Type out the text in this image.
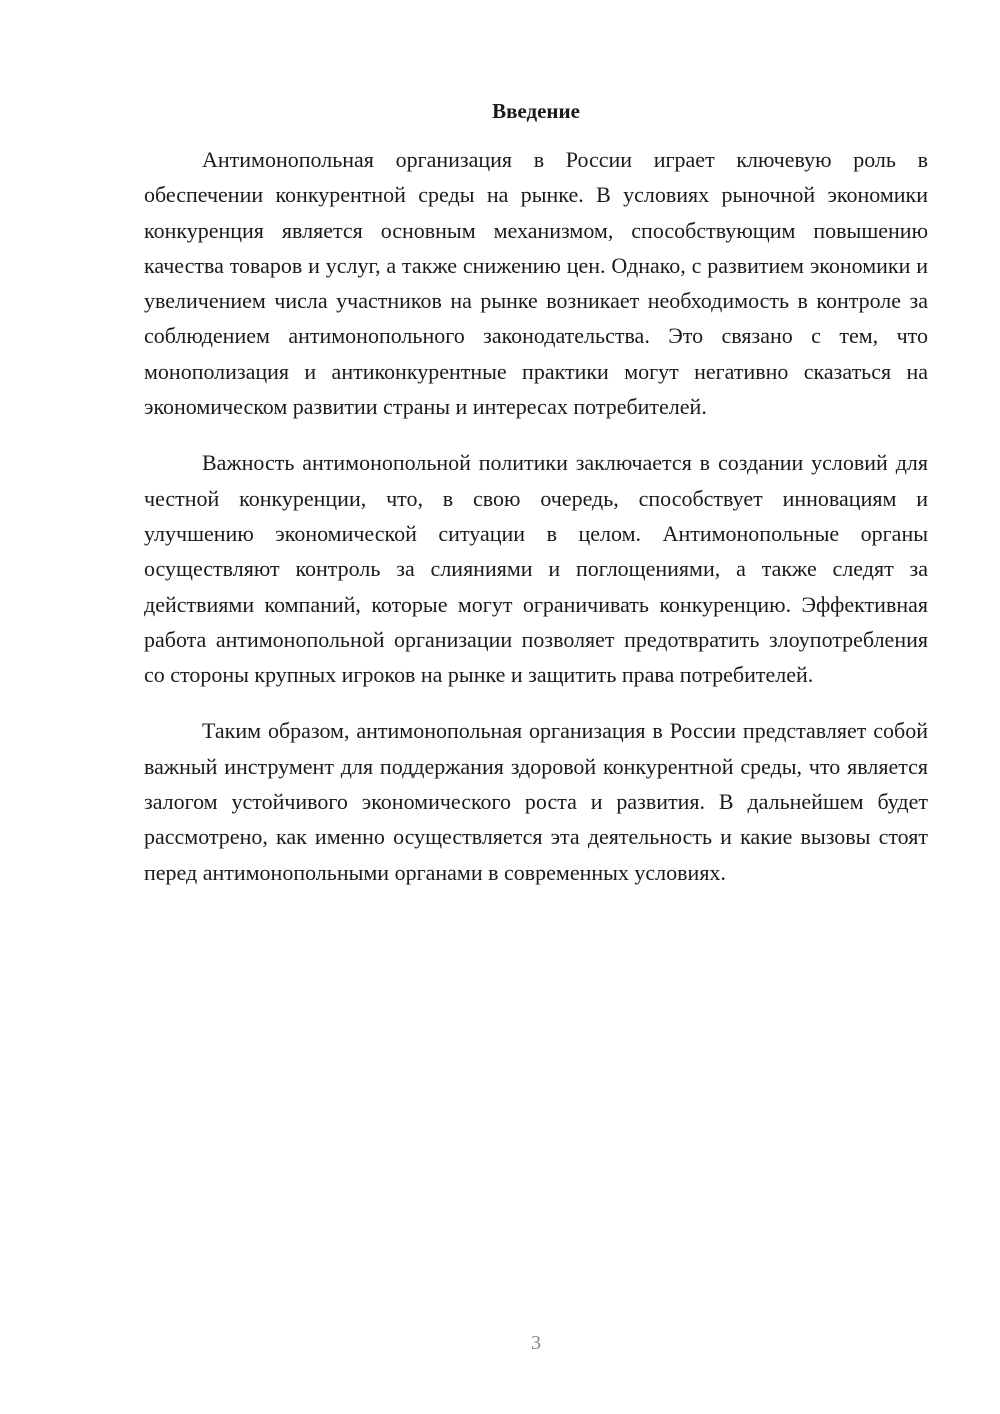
Введение

Антимонопольная организация в России играет ключевую роль в обеспечении конкурентной среды на рынке. В условиях рыночной экономики конкуренция является основным механизмом, способствующим повышению качества товаров и услуг, а также снижению цен. Однако, с развитием экономики и увеличением числа участников на рынке возникает необходимость в контроле за соблюдением антимонопольного законодательства. Это связано с тем, что монополизация и антиконкурентные практики могут негативно сказаться на экономическом развитии страны и интересах потребителей.

Важность антимонопольной политики заключается в создании условий для честной конкуренции, что, в свою очередь, способствует инновациям и улучшению экономической ситуации в целом. Антимонопольные органы осуществляют контроль за слияниями и поглощениями, а также следят за действиями компаний, которые могут ограничивать конкуренцию. Эффективная работа антимонопольной организации позволяет предотвратить злоупотребления со стороны крупных игроков на рынке и защитить права потребителей.

Таким образом, антимонопольная организация в России представляет собой важный инструмент для поддержания здоровой конкурентной среды, что является залогом устойчивого экономического роста и развития. В дальнейшем будет рассмотрено, как именно осуществляется эта деятельность и какие вызовы стоят перед антимонопольными органами в современных условиях.

3
